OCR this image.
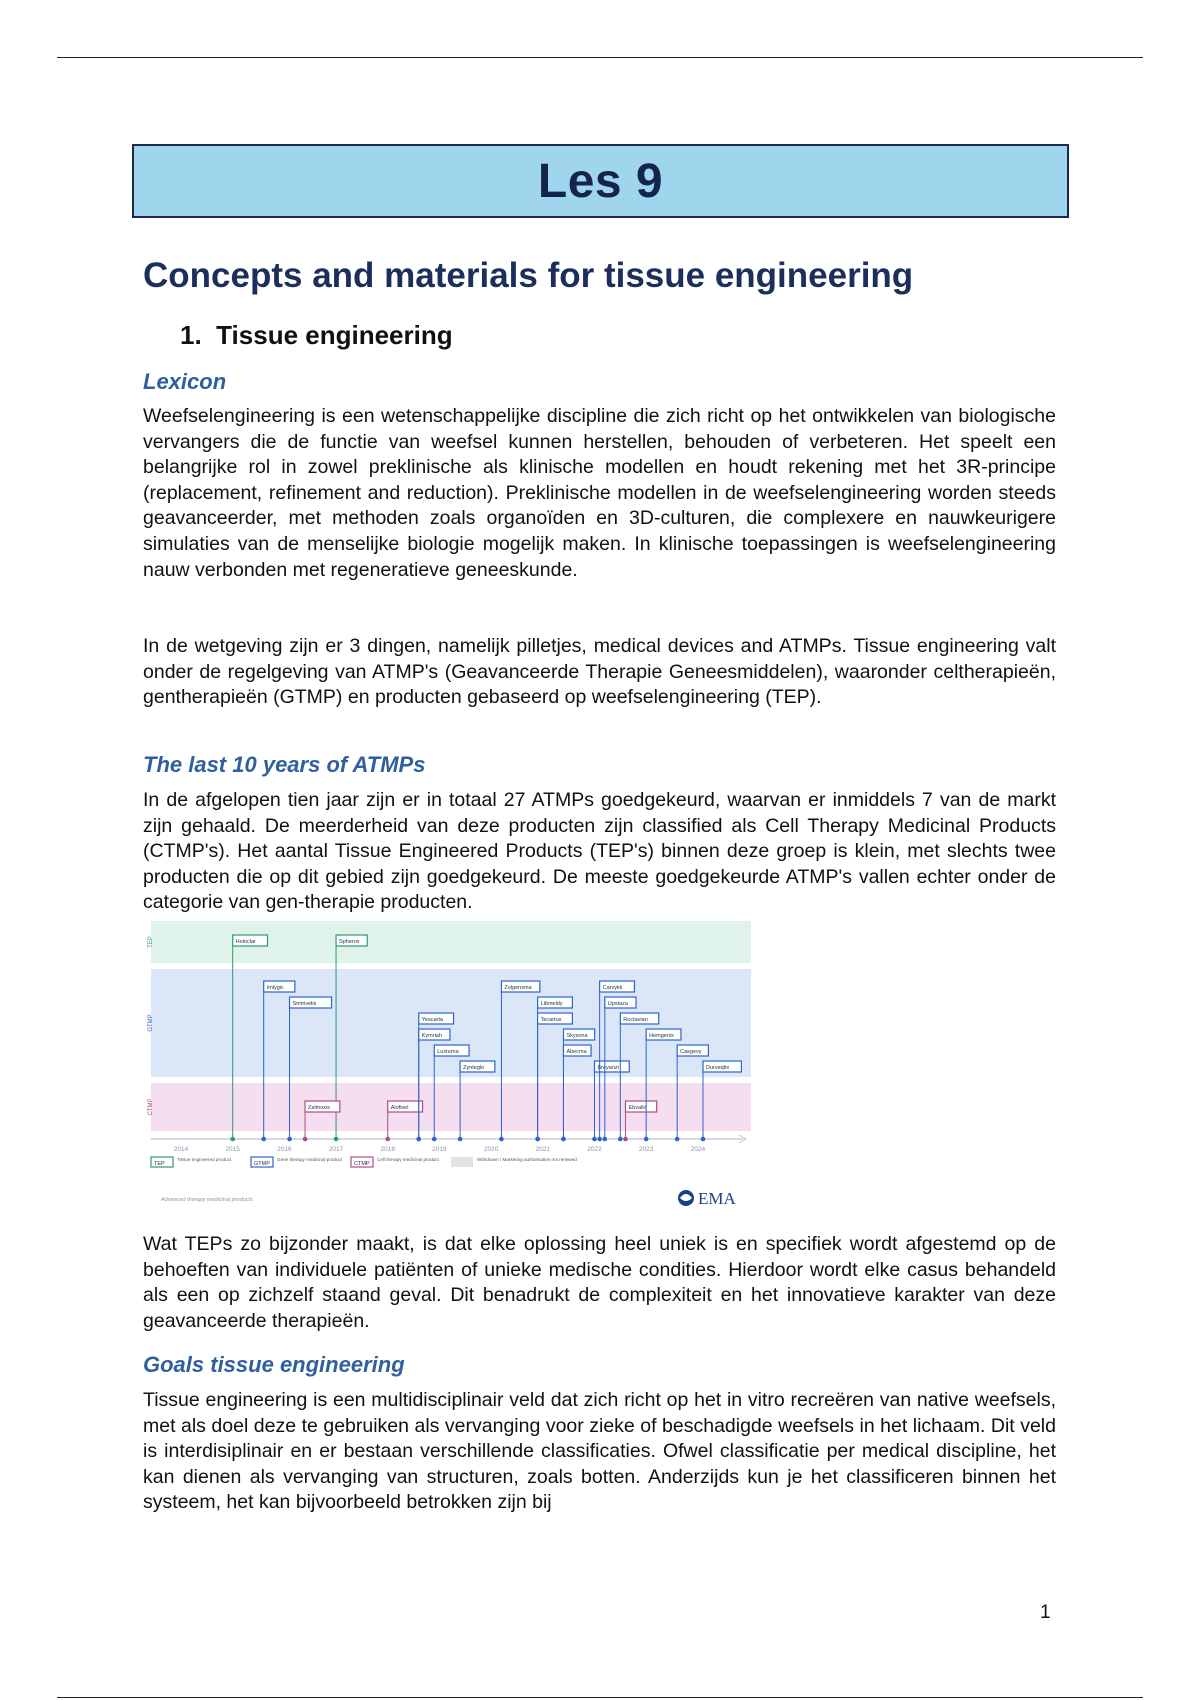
Les 9
Concepts and materials for tissue engineering
1. Tissue engineering
Lexicon

Weefselengineering is een wetenschappelijke discipline die zich richt op het ontwikkelen van biologische vervangers die de functie van weefsel kunnen herstellen, behouden of verbeteren. Het speelt een belangrijke rol in zowel preklinische als klinische modellen en houdt rekening met het 3R-principe (replacement, refinement and reduction). Preklinische modellen in de weefselengineering worden steeds geavanceerder, met methoden zoals organoïden en 3D-culturen, die complexere en nauwkeurigere simulaties van de menselijke biologie mogelijk maken. In klinische toepassingen is weefselengineering nauw verbonden met regeneratieve geneeskunde.

In de wetgeving zijn er 3 dingen, namelijk pilletjes, medical devices and ATMPs. Tissue engineering valt onder de regelgeving van ATMP's (Geavanceerde Therapie Geneesmiddelen), waaronder celtherapieën, gentherapieën (GTMP) en producten gebaseerd op weefselengineering (TEP).

The last 10 years of ATMPs

In de afgelopen tien jaar zijn er in totaal 27 ATMPs goedgekeurd, waarvan er inmiddels 7 van de markt zijn gehaald. De meerderheid van deze producten zijn classified als Cell Therapy Medicinal Products (CTMP's). Het aantal Tissue Engineered Products (TEP's) binnen deze groep is klein, met slechts twee producten die op dit gebied zijn goedgekeurd. De meeste goedgekeurde ATMP's vallen echter onder de categorie van gen-therapie producten.

TEP
GTMP
CTMP
2014	2015	2016	2017	2018	2019	2020	2021	2022	2023	2024
Holoclar	Spherox
Imlygic
Strimvelis
Zalmoxis	Alofisel
Yescarta
Kymriah
Luxturna
Zynteglo
Zolgensma
Libmeldy
Tecartus
Skysona
Abecma
Breyanzi
Carvykti
Upstaza
Roctavian
Ebvallo
Hemgenix
Casgevy
Durveqtix
TEP
Tissue engineered product
GTMP
Gene therapy medicinal product
CTMP
Cell therapy medicinal product	Withdrawn / Marketing authorisation not renewed
Advanced therapy medicinal products	EMA

Wat TEPs zo bijzonder maakt, is dat elke oplossing heel uniek is en specifiek wordt afgestemd op de behoeften van individuele patiënten of unieke medische condities. Hierdoor wordt elke casus behandeld als een op zichzelf staand geval. Dit benadrukt de complexiteit en het innovatieve karakter van deze geavanceerde therapieën.

Goals tissue engineering

Tissue engineering is een multidisciplinair veld dat zich richt op het in vitro recreëren van native weefsels, met als doel deze te gebruiken als vervanging voor zieke of beschadigde weefsels in het lichaam. Dit veld is interdisiplinair en er bestaan verschillende classificaties. Ofwel classificatie per medical discipline, het kan dienen als vervanging van structuren, zoals botten. Anderzijds kun je het classificeren binnen het systeem, het kan bijvoorbeeld betrokken zijn bij

1
